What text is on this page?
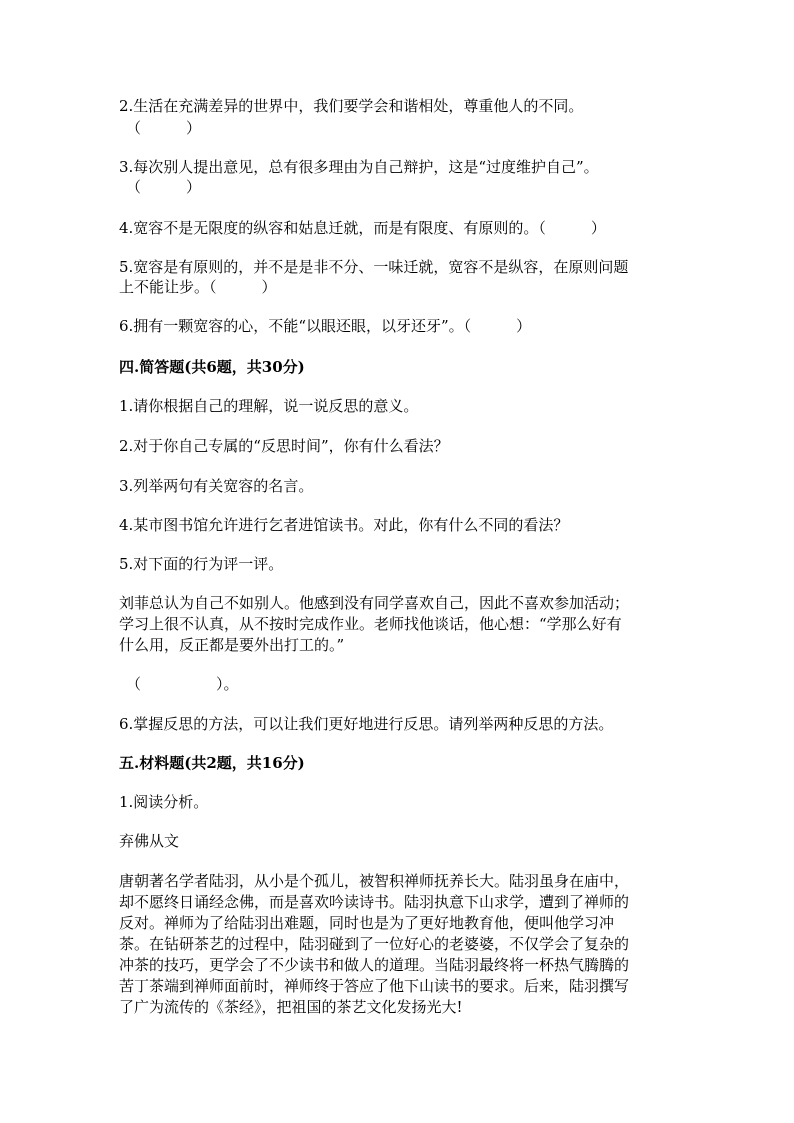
2.生活在充满差异的世界中，我们要学会和谐相处，尊重他人的不同。
（　　　）
3.每次别人提出意见，总有很多理由为自己辩护，这是“过度维护自己”。
（　　　）
4.宽容不是无限度的纵容和姑息迁就，而是有限度、有原则的。（　　　）
5.宽容是有原则的，并不是是非不分、一味迁就，宽容不是纵容，在原则问题
上不能让步。（　　　）
6.拥有一颗宽容的心，不能“以眼还眼，以牙还牙”。（　　　）
四.简答题(共6题，共30分)
1.请你根据自己的理解，说一说反思的意义。
2.对于你自己专属的“反思时间”，你有什么看法？
3.列举两句有关宽容的名言。
4.某市图书馆允许进行乞者进馆读书。对此，你有什么不同的看法？
5.对下面的行为评一评。
刘菲总认为自己不如别人。他感到没有同学喜欢自己，因此不喜欢参加活动；
学习上很不认真，从不按时完成作业。老师找他谈话，他心想：“学那么好有
什么用，反正都是要外出打工的。”
（　　　　　）。
6.掌握反思的方法，可以让我们更好地进行反思。请列举两种反思的方法。
五.材料题(共2题，共16分)
1.阅读分析。
弃佛从文
唐朝著名学者陆羽，从小是个孤儿，被智积禅师抚养长大。陆羽虽身在庙中，
却不愿终日诵经念佛，而是喜欢吟读诗书。陆羽执意下山求学，遭到了禅师的
反对。禅师为了给陆羽出难题，同时也是为了更好地教育他，便叫他学习冲
茶。在钻研茶艺的过程中，陆羽碰到了一位好心的老婆婆，不仅学会了复杂的
冲茶的技巧，更学会了不少读书和做人的道理。当陆羽最终将一杯热气腾腾的
苦丁茶端到禅师面前时，禅师终于答应了他下山读书的要求。后来，陆羽撰写
了广为流传的《茶经》，把祖国的茶艺文化发扬光大!
